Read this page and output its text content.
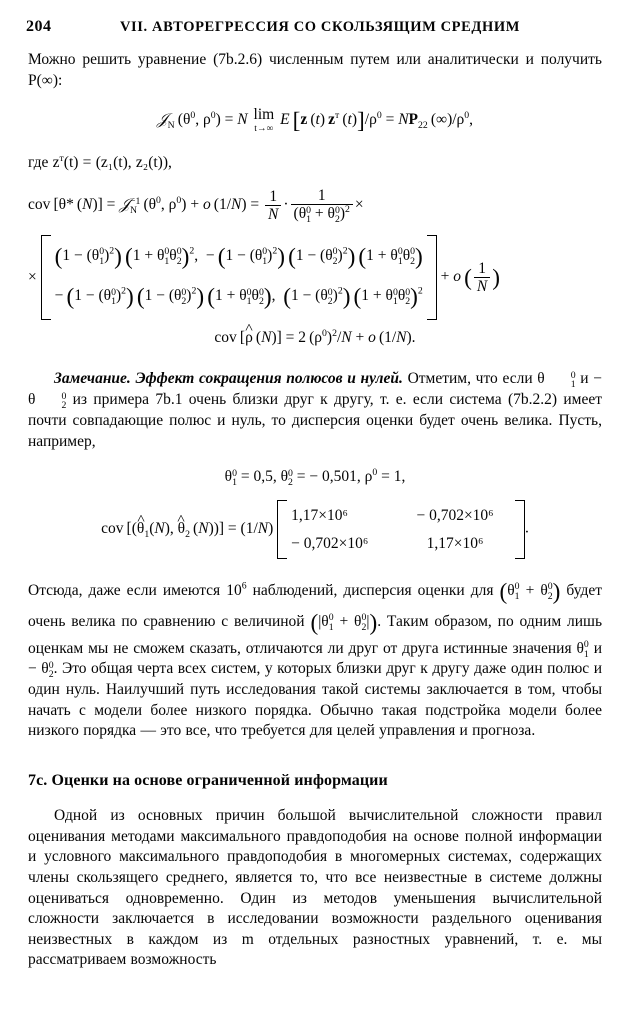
204	VII. АВТОРЕГРЕССИЯ СО СКОЛЬЗЯЩИМ СРЕДНИМ

Можно решить уравнение (7b.2.6) численным путем или аналитически и получить P(∞):

𝒥$_N$ ($\theta^0$, $\rho^0) = N$ lim
t→∞
E  [z (t) $z^т$ $(t)]/\rho^0 = NP_{22}$ $(\infty)/\rho^0$,

где $z^т(t) = (z_1(t)$, z₂(t)),

cov [θ* (N)] = 𝒥 −1
N  ($\theta^0$, $\rho^0) + o$ $(1/N) = \frac{1}{N} \cdot 1$
(θ 0
1 + θ 0
2 )$^2$ ×
×
(1 − (θ 0
1 )$^2$)  (1 + θ 0
1 θ 0
2 )$^2$,  − (1 − (θ 0
1 )$^2$)  (1 − (θ 0
2 )$^2$)  (1 + θ 0
1 θ 0
2 )
− (1 − (θ 0
1 )$^2$)  (1 − (θ 0
2 )$^2$)  (1 + θ 0
1 θ 0
2 ),  (1 − (θ 0
2 )$^2$)  (1 + θ 0
1 θ 0
2 )$^2$
+ o  ( $\frac{1}{N}$ )
cov [ρ ^ (N)] = 2 $(\rho^0)^2/N + o$ (1/N).

Замечание. Эффект сокращения полюсов и нулей. Отметим, что если θ	0
1 и − θ	0
2 из примера 7b.1 очень близки друг к другу, т. е. если система (7b.2.2) имеет почти совпадающие полюс и нуль, то дисперсия оценки будет очень велика. Пусть, например,

θ 0
1 = 0,5, θ 0
2 = − 0,501, $\rho^0 = 1$,
cov [(θ $\^{}_1(N)$, θ $\^{}_2$ (N))] = (1/N)
1,17×10⁶	− 0,702×10⁶
− 0,702×10⁶	1,17×10⁶
.

Отсюда, даже если имеются $10^6$ наблюдений, дисперсия оценки для (θ 0
1 + θ 0
2 ) будет очень велика по сравнению с величиной (|θ 0
1 + θ 0
2 |). Таким образом, по одним лишь оценкам мы не сможем сказать, отличаются ли друг от друга истинные значения θ 0
1 и − θ 0
2 . Это общая черта всех систем, у которых близки друг к другу даже один полюс и один нуль. Наилучший путь исследования такой системы заключается в том, чтобы начать с модели более низкого порядка. Обычно такая подстройка модели более низкого порядка — это все, что требуется для целей управления и прогноза.

7c. Оценки на основе ограниченной информации

Одной из основных причин большой вычислительной сложности правил оценивания методами максимального правдоподобия на основе полной информации и условного максимального правдоподобия в многомерных системах, содержащих члены скользящего среднего, является то, что все неизвестные в системе должны оцениваться одновременно. Один из методов уменьшения вычислительной сложности заключается в исследовании возможности раздельного оценивания неизвестных в каждом из m отдельных разностных уравнений, т. е. мы рассматриваем возможность
